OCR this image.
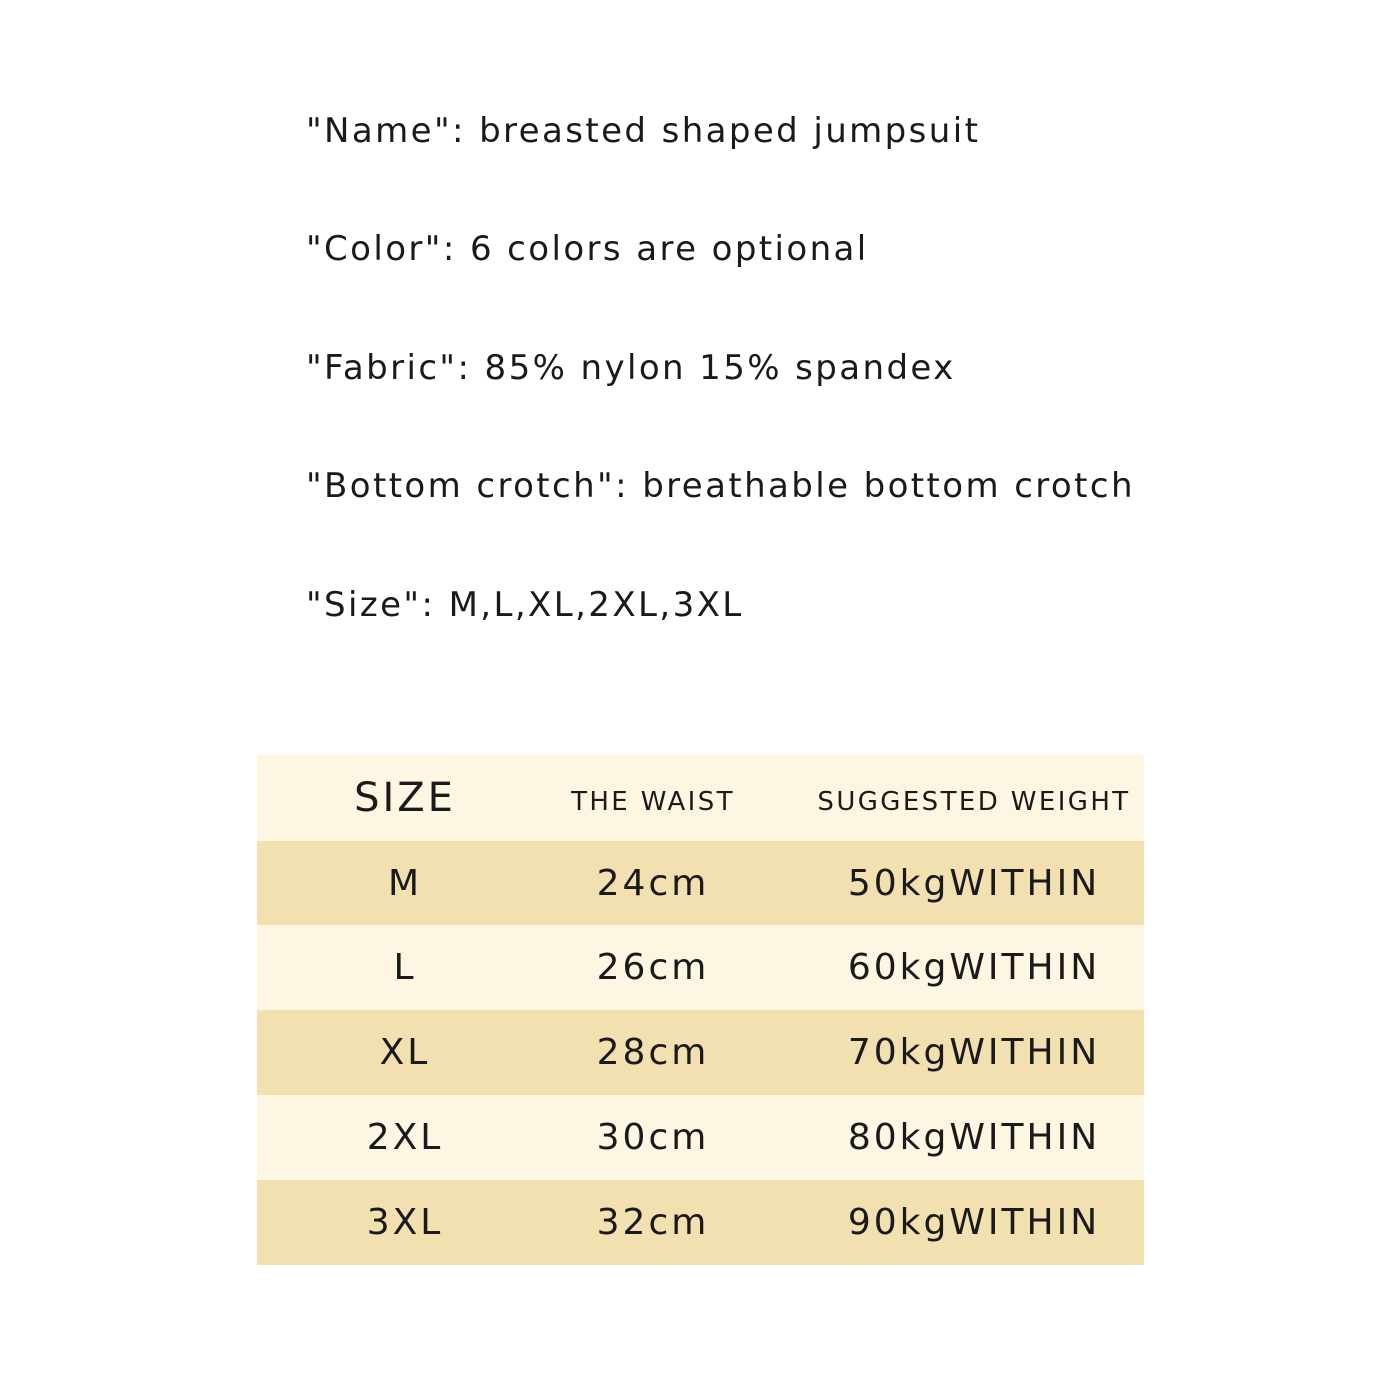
"Name": breasted shaped jumpsuit
"Color": 6 colors are optional
"Fabric": 85% nylon 15% spandex
"Bottom crotch": breathable bottom crotch
"Size": M,L,XL,2XL,3XL
SIZE	THE WAIST	SUGGESTED WEIGHT
M	24cm	50kgWITHIN
L	26cm	60kgWITHIN
XL	28cm	70kgWITHIN
2XL	30cm	80kgWITHIN
3XL	32cm	90kgWITHIN
